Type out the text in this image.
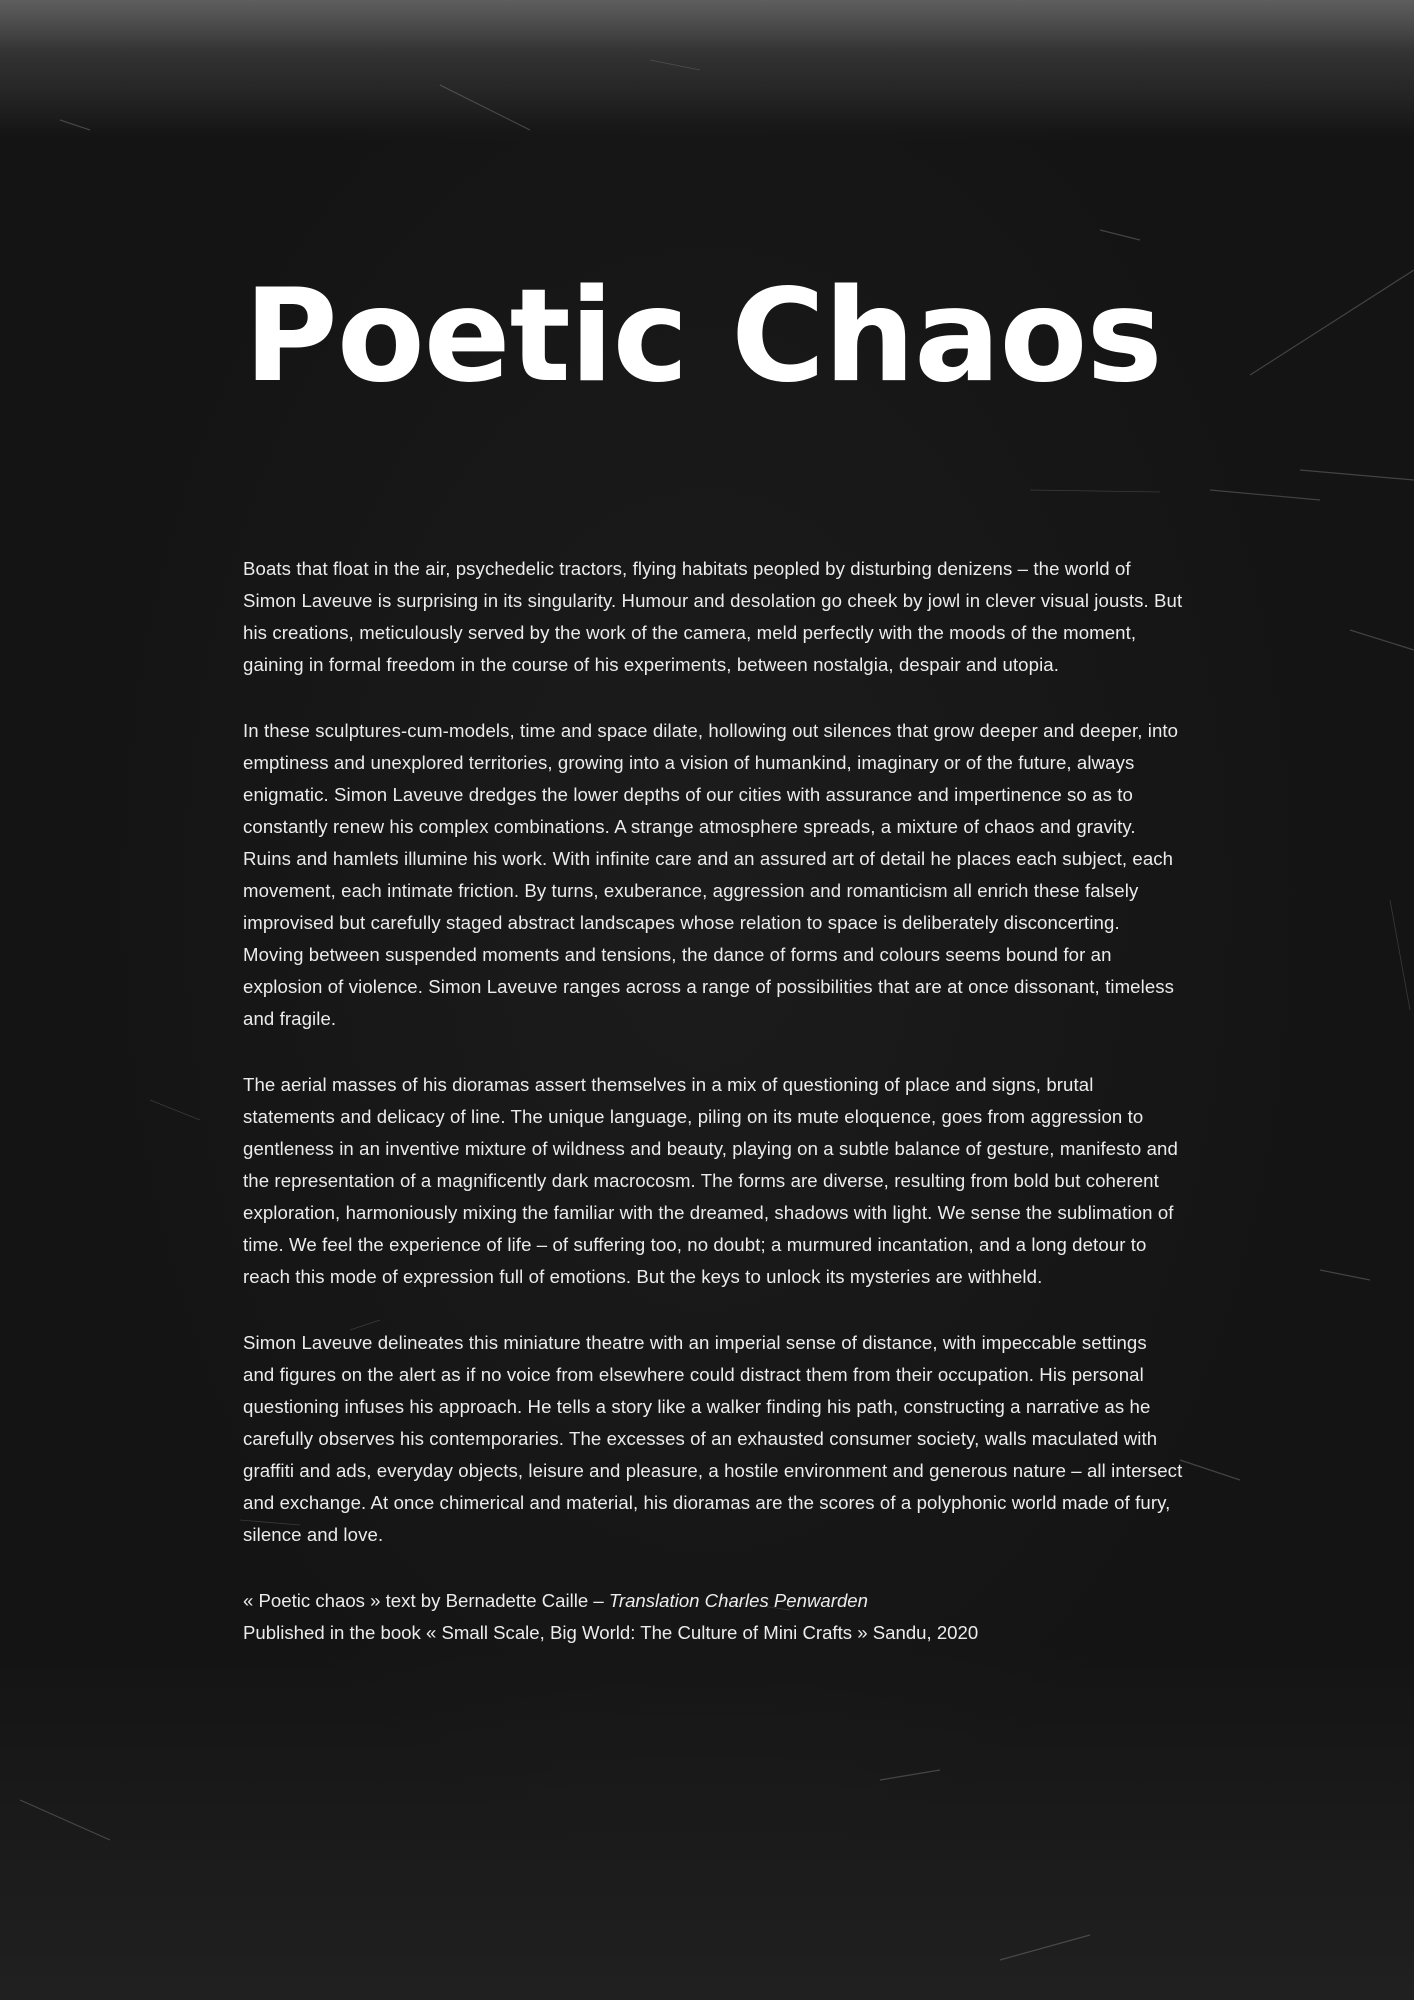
Poetic Chaos

Boats that float in the air, psychedelic tractors, flying habitats peopled by disturbing denizens – the world of Simon Laveuve is surprising in its singularity. Humour and desolation go cheek by jowl in clever visual jousts. But his creations, meticulously served by the work of the camera, meld perfectly with the moods of the moment, gaining in formal freedom in the course of his experiments, between nostalgia, despair and utopia.

In these sculptures-cum-models, time and space dilate, hollowing out silences that grow deeper and deeper, into emptiness and unexplored territories, growing into a vision of humankind, imaginary or of the future, always enigmatic. Simon Laveuve dredges the lower depths of our cities with assurance and impertinence so as to constantly renew his complex combinations. A strange atmosphere spreads, a mixture of chaos and gravity. Ruins and hamlets illumine his work. With infinite care and an assured art of detail he places each subject, each movement, each intimate friction. By turns, exuberance, aggression and romanticism all enrich these falsely improvised but carefully staged abstract landscapes whose relation to space is deliberately disconcerting. Moving between suspended moments and tensions, the dance of forms and colours seems bound for an explosion of violence. Simon Laveuve ranges across a range of possibilities that are at once dissonant, timeless and fragile.

The aerial masses of his dioramas assert themselves in a mix of questioning of place and signs, brutal statements and delicacy of line. The unique language, piling on its mute eloquence, goes from aggression to gentleness in an inventive mixture of wildness and beauty, playing on a subtle balance of gesture, manifesto and the representation of a magnificently dark macrocosm. The forms are diverse, resulting from bold but coherent exploration, harmoniously mixing the familiar with the dreamed, shadows with light. We sense the sublimation of time. We feel the experience of life – of suffering too, no doubt; a murmured incantation, and a long detour to reach this mode of expression full of emotions. But the keys to unlock its mysteries are withheld.

Simon Laveuve delineates this miniature theatre with an imperial sense of distance, with impeccable settings and figures on the alert as if no voice from elsewhere could distract them from their occupation. His personal questioning infuses his approach. He tells a story like a walker finding his path, constructing a narrative as he carefully observes his contemporaries. The excesses of an exhausted consumer society, walls maculated with graffiti and ads, everyday objects, leisure and pleasure, a hostile environment and generous nature – all intersect and exchange. At once chimerical and material, his dioramas are the scores of a polyphonic world made of fury, silence and love.

« Poetic chaos » text by Bernadette Caille – Translation Charles Penwarden
Published in the book « Small Scale, Big World: The Culture of Mini Crafts » Sandu, 2020
